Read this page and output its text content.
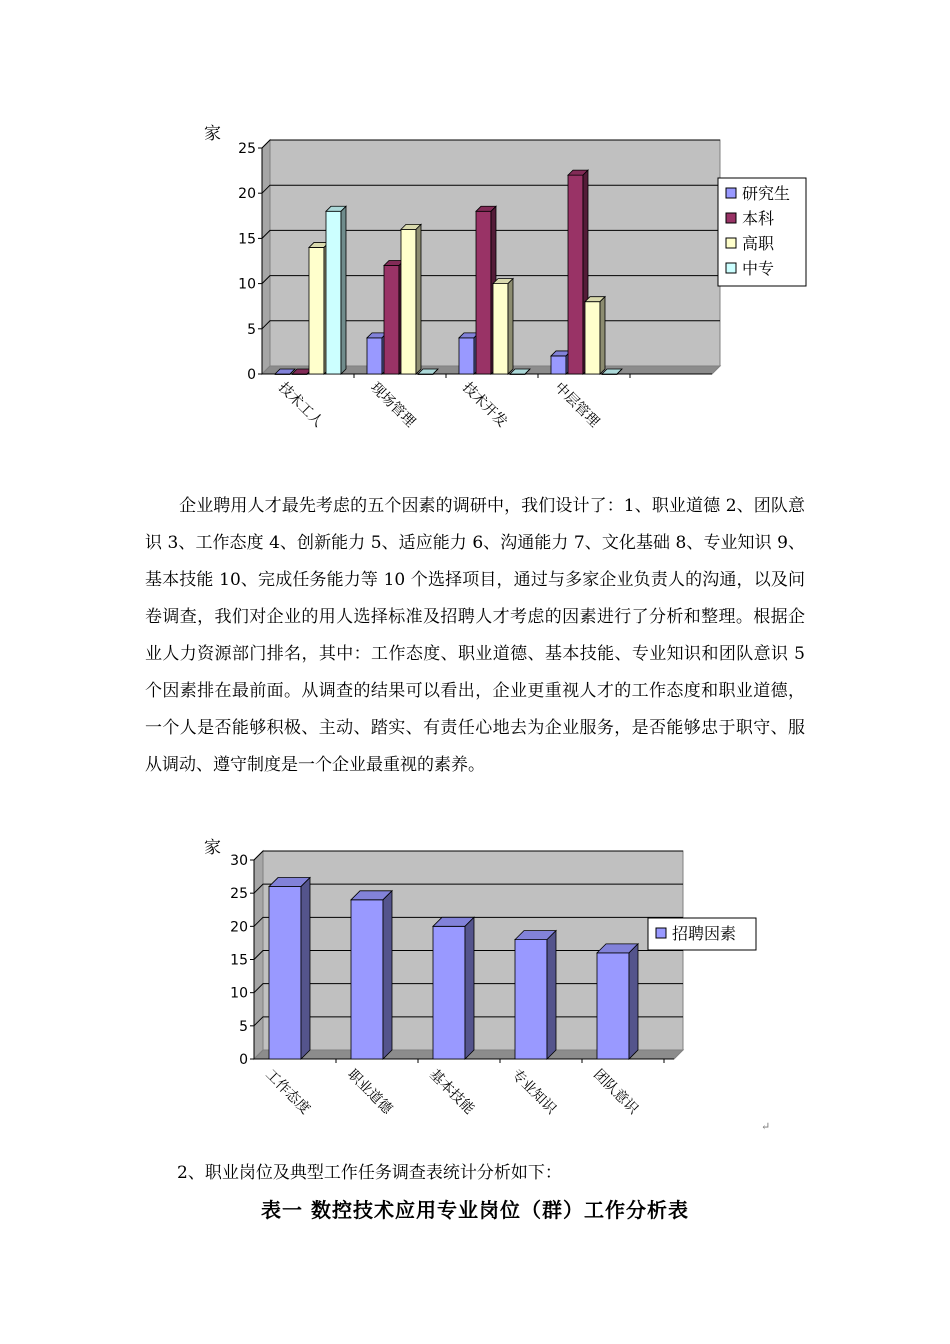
0
5
10
15
20
25
家
技术工人	现场管理	技术开发	中层管理
研究生
本科
高职
中专
企业聘用人才最先考虑的五个因素的调研中，我们设计了：1、职业道德 2、团队意识 3、工作态度 4、创新能力 5、适应能力 6、沟通能力 7、文化基础 8、专业知识 9、基本技能 10、完成任务能力等 10 个选择项目，通过与多家企业负责人的沟通，以及问卷调查，我们对企业的用人选择标准及招聘人才考虑的因素进行了分析和整理。根据企业人力资源部门排名，其中：工作态度、职业道德、基本技能、专业知识和团队意识 5 个因素排在最前面。从调查的结果可以看出，企业更重视人才的工作态度和职业道德，一个人是否能够积极、主动、踏实、有责任心地去为企业服务，是否能够忠于职守、服从调动、遵守制度是一个企业最重视的素养。
0
5
10
15
20
25
30
家
工作态度 职业道德 基本技能 专业知识 团队意识
招聘因素
↵
2、职业岗位及典型工作任务调查表统计分析如下：
表一 数控技术应用专业岗位（群）工作分析表
